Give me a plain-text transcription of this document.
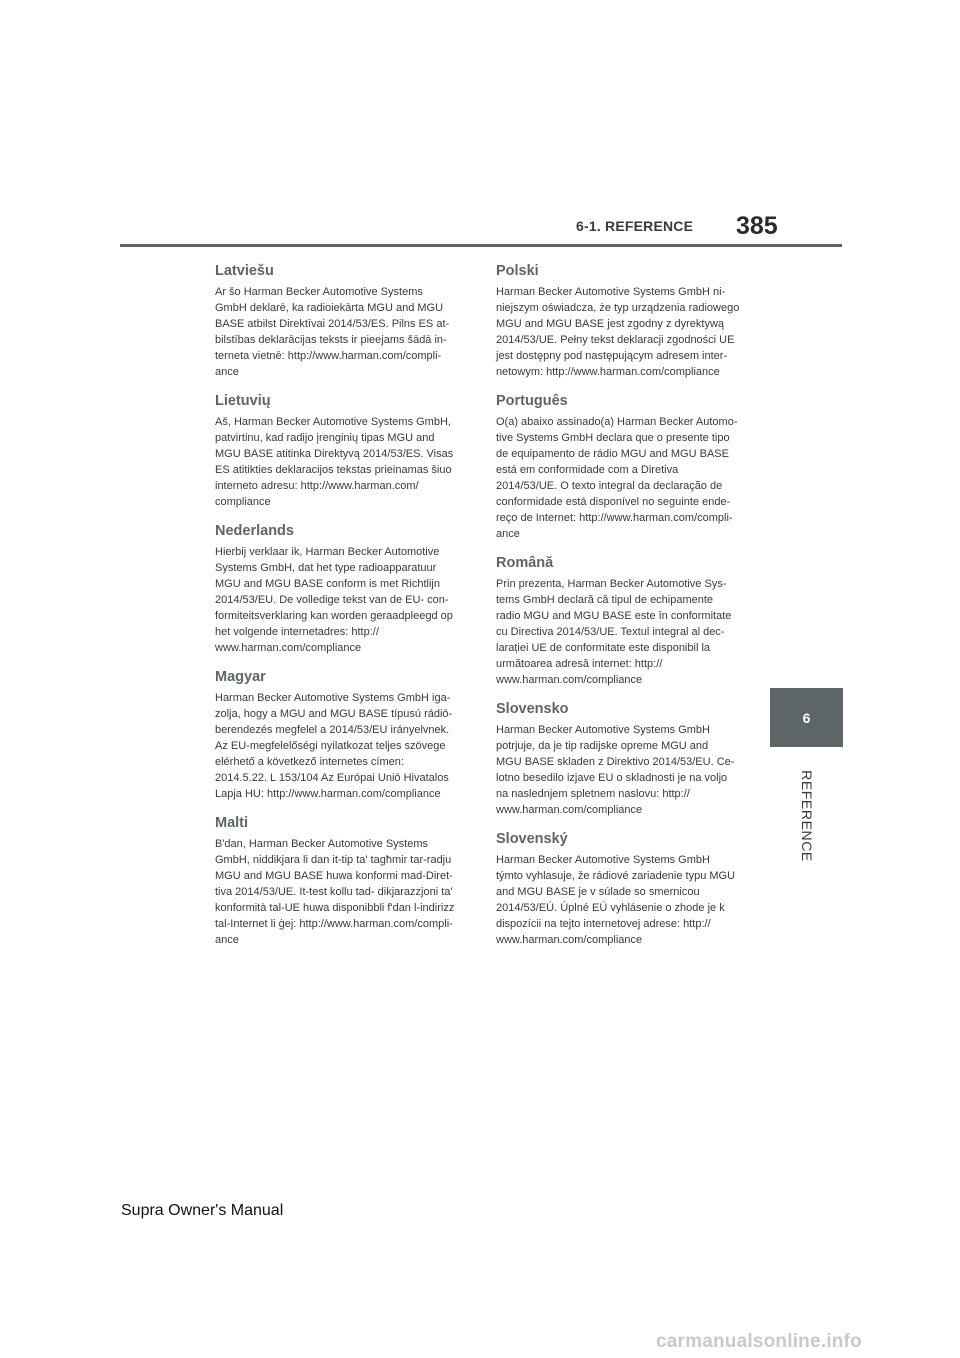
6-1. REFERENCE 385
6
REFERENCE
Latviešu

Ar šo Harman Becker Automotive Systems
GmbH deklarē, ka radioiekārta MGU and MGU
BASE atbilst Direktīvai 2014/53/ES. Pilns ES at-
bilstības deklarācijas teksts ir pieejams šādā in-
terneta vietnē: http://www.harman.com/compli-
ance

Lietuvių

Aš, Harman Becker Automotive Systems GmbH,
patvirtinu, kad radijo įrenginių tipas MGU and
MGU BASE atitinka Direktyvą 2014/53/ES. Visas
ES atitikties deklaracijos tekstas prieinamas šiuo
interneto adresu: http://www.harman.com/
compliance

Nederlands

Hierbij verklaar ik, Harman Becker Automotive
Systems GmbH, dat het type radioapparatuur
MGU and MGU BASE conform is met Richtlijn
2014/53/EU. De volledige tekst van de EU- con-
formiteitsverklaring kan worden geraadpleegd op
het volgende internetadres: http://
www.harman.com/compliance

Magyar

Harman Becker Automotive Systems GmbH iga-
zolja, hogy a MGU and MGU BASE típusú rádió-
berendezés megfelel a 2014/53/EU irányelvnek.
Az EU-megfelelőségi nyilatkozat teljes szövege
elérhető a következő internetes címen:
2014.5.22. L 153/104 Az Európai Unió Hivatalos
Lapja HU: http://www.harman.com/compliance

Malti

B'dan, Harman Becker Automotive Systems
GmbH, niddikjara li dan it-tip ta' tagħmir tar-radju
MGU and MGU BASE huwa konformi mad-Diret-
tiva 2014/53/UE. It-test kollu tad- dikjarazzjoni ta'
konformità tal-UE huwa disponibbli f'dan l-indirizz
tal-Internet li ġej: http://www.harman.com/compli-
ance

Polski

Harman Becker Automotive Systems GmbH ni-
niejszym oświadcza, że typ urządzenia radiowego
MGU and MGU BASE jest zgodny z dyrektywą
2014/53/UE. Pełny tekst deklaracji zgodności UE
jest dostępny pod następującym adresem inter-
netowym: http://www.harman.com/compliance

Português

O(a) abaixo assinado(a) Harman Becker Automo-
tive Systems GmbH declara que o presente tipo
de equipamento de rádio MGU and MGU BASE
está em conformidade com a Diretiva
2014/53/UE. O texto integral da declaração de
conformidade está disponível no seguinte ende-
reço de Internet: http://www.harman.com/compli-
ance

Română

Prin prezenta, Harman Becker Automotive Sys-
tems GmbH declară că tipul de echipamente
radio MGU and MGU BASE este în conformitate
cu Directiva 2014/53/UE. Textul integral al dec-
larației UE de conformitate este disponibil la
următoarea adresă internet: http://
www.harman.com/compliance

Slovensko

Harman Becker Automotive Systems GmbH
potrjuje, da je tip radijske opreme MGU and
MGU BASE skladen z Direktivo 2014/53/EU. Ce-
lotno besedilo izjave EU o skladnosti je na voljo
na naslednjem spletnem naslovu: http://
www.harman.com/compliance

Slovenský

Harman Becker Automotive Systems GmbH
týmto vyhlasuje, že rádiové zariadenie typu MGU
and MGU BASE je v súlade so smernicou
2014/53/EÚ. Úplné EÚ vyhlásenie o zhode je k
dispozícii na tejto internetovej adrese: http://
www.harman.com/compliance

Supra Owner's Manual
carmanualsonline.info
